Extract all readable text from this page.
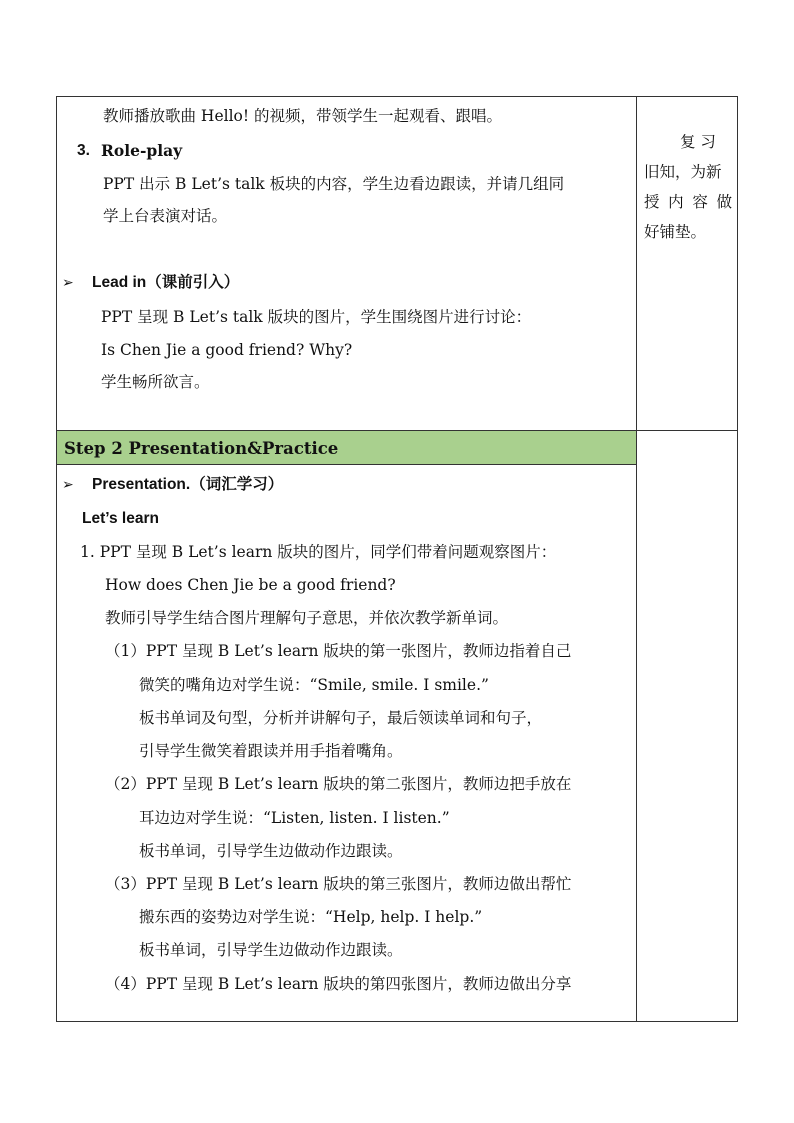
教师播放歌曲 Hello! 的视频，带领学生一起观看、跟唱。
3. Role-play
PPT 出示 B Let’s talk 板块的内容，学生边看边跟读，并请几组同
学上台表演对话。
➢ Lead in（课前引入）
PPT 呈现 B Let’s talk 版块的图片，学生围绕图片进行讨论：
Is Chen Jie a good friend? Why?
学生畅所欲言。
复 习
旧知，为新
授 内 容 做
好铺垫。
Step 2 Presentation&Practice
➢ Presentation.（词汇学习）
Let’s learn
1. PPT 呈现 B Let’s learn 版块的图片，同学们带着问题观察图片：
How does Chen Jie be a good friend?
教师引导学生结合图片理解句子意思，并依次教学新单词。
（1）PPT 呈现 B Let’s learn 版块的第一张图片，教师边指着自己
微笑的嘴角边对学生说：“Smile, smile. I smile.”
板书单词及句型，分析并讲解句子，最后领读单词和句子，
引导学生微笑着跟读并用手指着嘴角。
（2）PPT 呈现 B Let’s learn 版块的第二张图片，教师边把手放在
耳边边对学生说：“Listen, listen. I listen.”
板书单词，引导学生边做动作边跟读。
（3）PPT 呈现 B Let’s learn 版块的第三张图片，教师边做出帮忙
搬东西的姿势边对学生说：“Help, help. I help.”
板书单词，引导学生边做动作边跟读。
（4）PPT 呈现 B Let’s learn 版块的第四张图片，教师边做出分享
